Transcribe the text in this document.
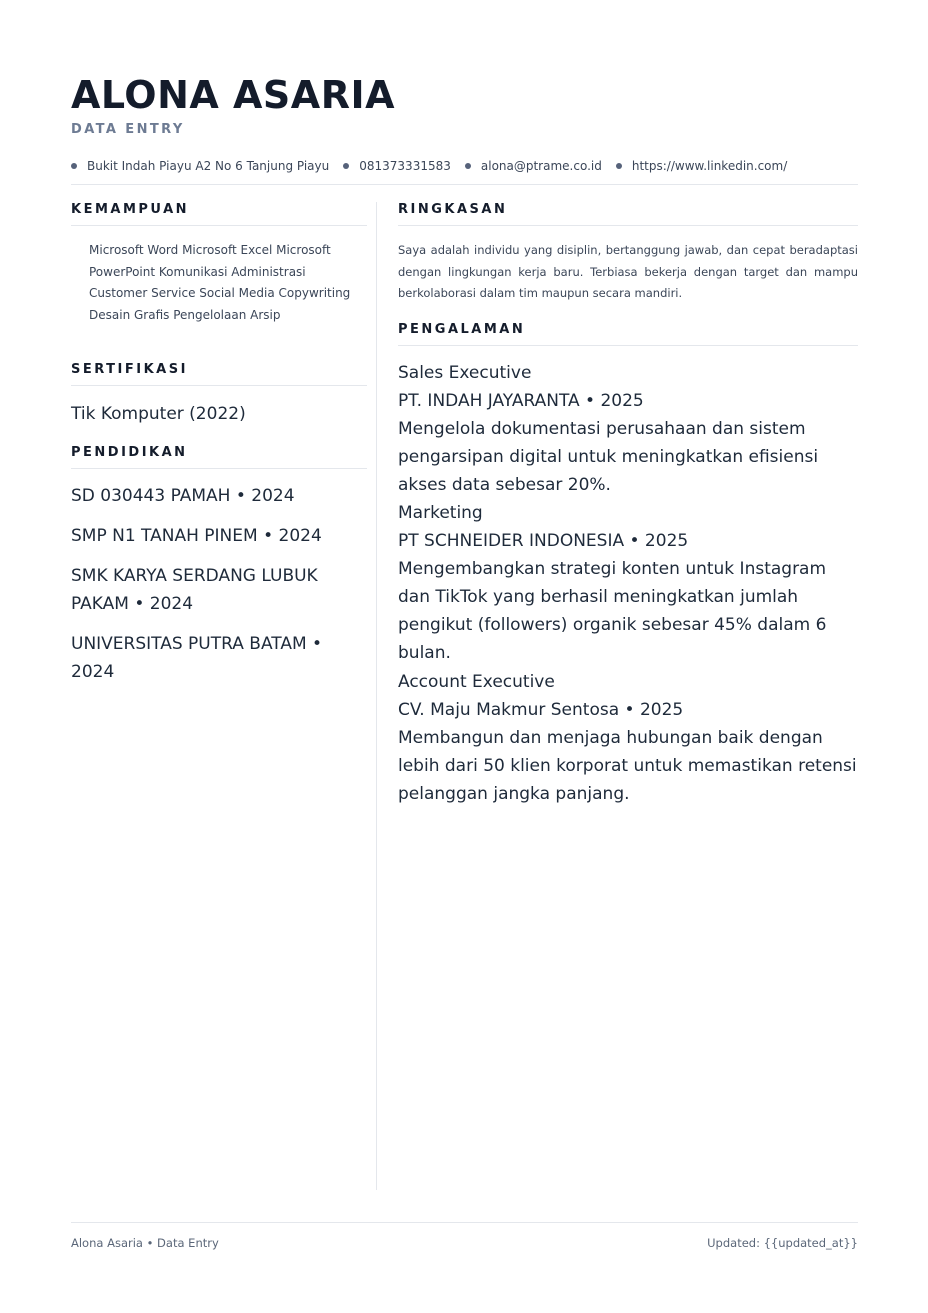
ALONA ASARIA
DATA ENTRY
Bukit Indah Piayu A2 No 6 Tanjung Piayu	081373331583	alona@ptrame.co.id	https://www.linkedin.com/
KEMAMPUAN
Microsoft Word Microsoft Excel Microsoft PowerPoint Komunikasi Administrasi Customer Service Social Media Copywriting Desain Grafis Pengelolaan Arsip
SERTIFIKASI
Tik Komputer (2022)
PENDIDIKAN
SD 030443 PAMAH • 2024
SMP N1 TANAH PINEM • 2024
SMK KARYA SERDANG LUBUK PAKAM • 2024
UNIVERSITAS PUTRA BATAM • 2024
RINGKASAN
Saya adalah individu yang disiplin, bertanggung jawab, dan cepat beradaptasi dengan lingkungan kerja baru. Terbiasa bekerja dengan target dan mampu berkolaborasi dalam tim maupun secara mandiri.
PENGALAMAN
Sales Executive
PT. INDAH JAYARANTA • 2025
Mengelola dokumentasi perusahaan dan sistem pengarsipan digital untuk meningkatkan efisiensi akses data sebesar 20%.
Marketing
PT SCHNEIDER INDONESIA • 2025
Mengembangkan strategi konten untuk Instagram dan TikTok yang berhasil meningkatkan jumlah pengikut (followers) organik sebesar 45% dalam 6 bulan.
Account Executive
CV. Maju Makmur Sentosa • 2025
Membangun dan menjaga hubungan baik dengan lebih dari 50 klien korporat untuk memastikan retensi pelanggan jangka panjang.
Alona Asaria • Data Entry	Updated: {{updated_at}}
